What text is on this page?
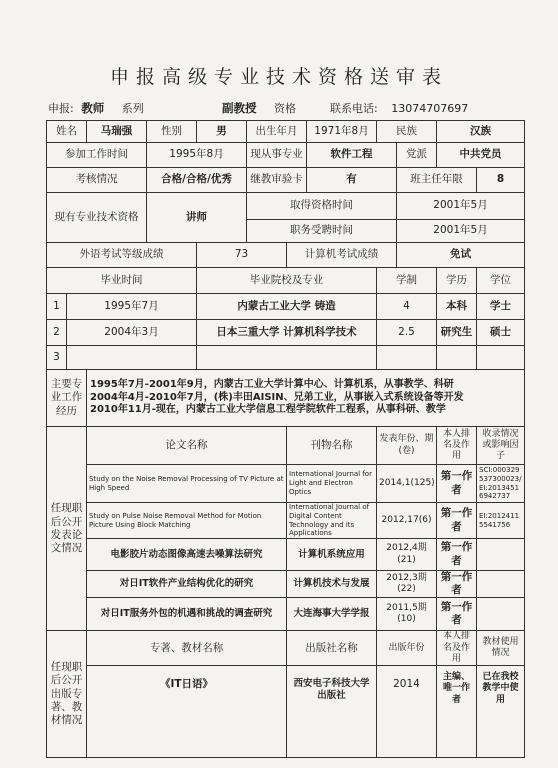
申报高级专业技术资格送审表
申报: 教师 系列	副教授 资格	联系电话: 13074707697
姓名		马瑞强	性别	男	出生年月		1971年8月	民族		汉族	
参加工作时间			1995年8月		现从事专业		软件工程		党派	中共党员	
考核情况			合格/合格/优秀		继教审验卡		有		班主任年限		8
现有专业技术资格			讲师		取得资格时间				2001年5月		
					职务受聘时间				2001年5月		
外语考试等级成绩				73		计算机考试成绩			免试		
毕业时间				毕业院校及专业				学制		学历	学位
1	1995年7月			内蒙古工业大学 铸造				4		本科	学士
2	2004年3月			日本三重大学 计算机科学技术				2.5		研究生	硕士
3											
主要专业工作经历		1995年7月-2001年9月，内蒙古工业大学计算中心、计算机系，从事教学、科研
2004年4月-2010年7月，(株)丰田AISIN、兄弟工业，从事嵌入式系统设备等开发
2010年11月-现在，内蒙古工业大学信息工程学院软件工程系，从事科研、教学									

任现职后公开发表论文情况		论文名称				刊物名称		发表年份、期(卷)		本人排名及作用	收录情况或影响因子
		Study on the Noise Removal Processing of TV Picture at High Speed				International Journal for Light and Electron Optics		2014,1(125)		第一作者	SCI:000329537300023/EI:20134516942737
		Study on Pulse Noise Removal Method for Motion Picture Using Block Matching				International Journal of Digital Content Technology and its Applications		2012,17(6)		第一作者	EI:20124115541756
		电影胶片动态图像高速去噪算法研究				计算机系统应用		2012,4期(21)		第一作者	
		对日IT软件产业结构优化的研究				计算机技术与发展		2012,3期(22)		第一作者	
		对日IT服务外包的机遇和挑战的调查研究				大连海事大学学报		2011,5期(10)		第一作者	
任现职后公开出版专著、教材情况		专著、教材名称				出版社名称		出版年份		本人排名及作用	教材使用情况
		《IT日语》				西安电子科技大学出版社		2014		主编、唯一作者	已在我校教学中使用
